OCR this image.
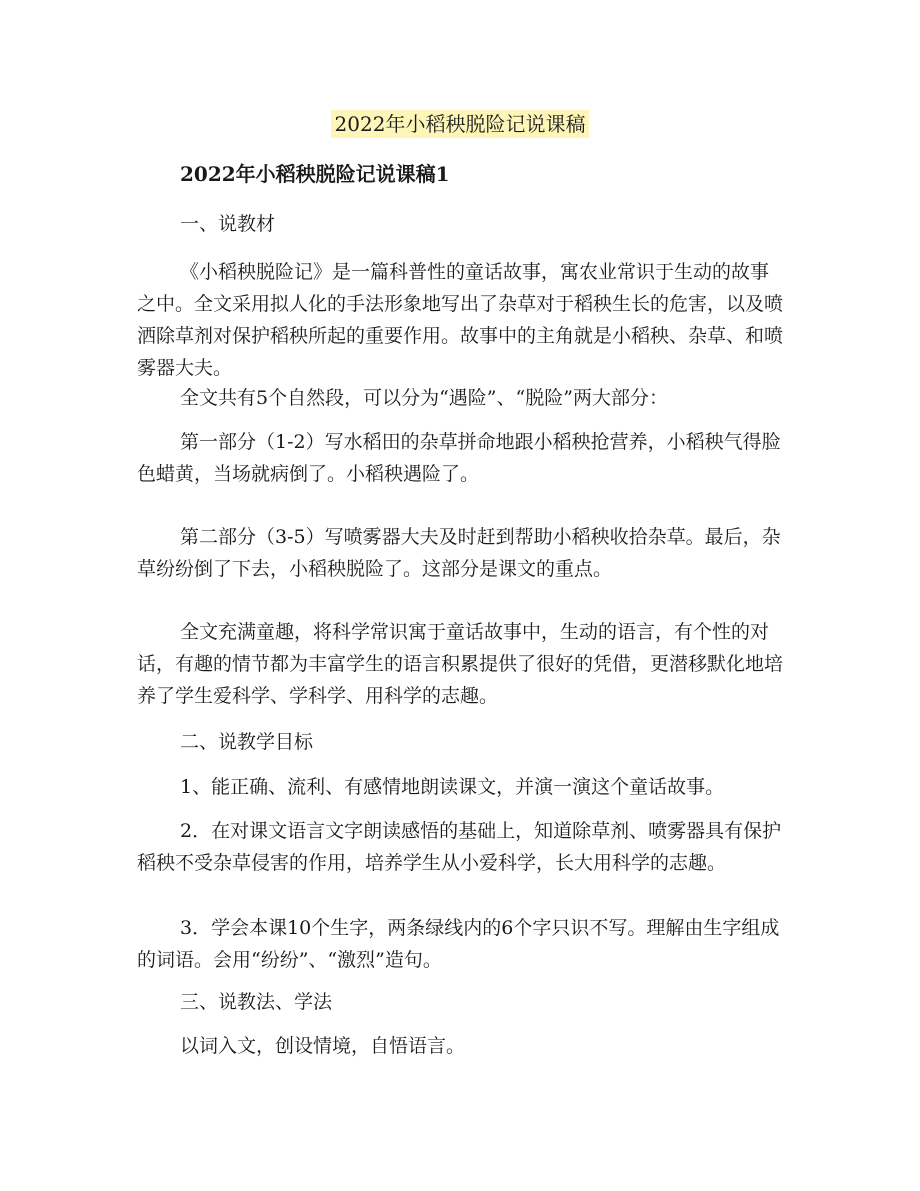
2022年小稻秧脱险记说课稿
2022年小稻秧脱险记说课稿1
一、说教材

《小稻秧脱险记》是一篇科普性的童话故事，寓农业常识于生动的故事之中。全文采用拟人化的手法形象地写出了杂草对于稻秧生长的危害，以及喷洒除草剂对保护稻秧所起的重要作用。故事中的主角就是小稻秧、杂草、和喷雾器大夫。

全文共有5个自然段，可以分为“遇险”、“脱险”两大部分：

第一部分（1-2）写水稻田的杂草拼命地跟小稻秧抢营养，小稻秧气得脸色蜡黄，当场就病倒了。小稻秧遇险了。

第二部分（3-5）写喷雾器大夫及时赶到帮助小稻秧收拾杂草。最后，杂草纷纷倒了下去，小稻秧脱险了。这部分是课文的重点。

全文充满童趣，将科学常识寓于童话故事中，生动的语言，有个性的对话，有趣的情节都为丰富学生的语言积累提供了很好的凭借，更潜移默化地培养了学生爱科学、学科学、用科学的志趣。

二、说教学目标

1、能正确、流利、有感情地朗读课文，并演一演这个童话故事。

2．在对课文语言文字朗读感悟的基础上，知道除草剂、喷雾器具有保护稻秧不受杂草侵害的作用，培养学生从小爱科学，长大用科学的志趣。

3．学会本课10个生字，两条绿线内的6个字只识不写。理解由生字组成的词语。会用“纷纷”、“激烈”造句。

三、说教法、学法

以词入文，创设情境，自悟语言。
